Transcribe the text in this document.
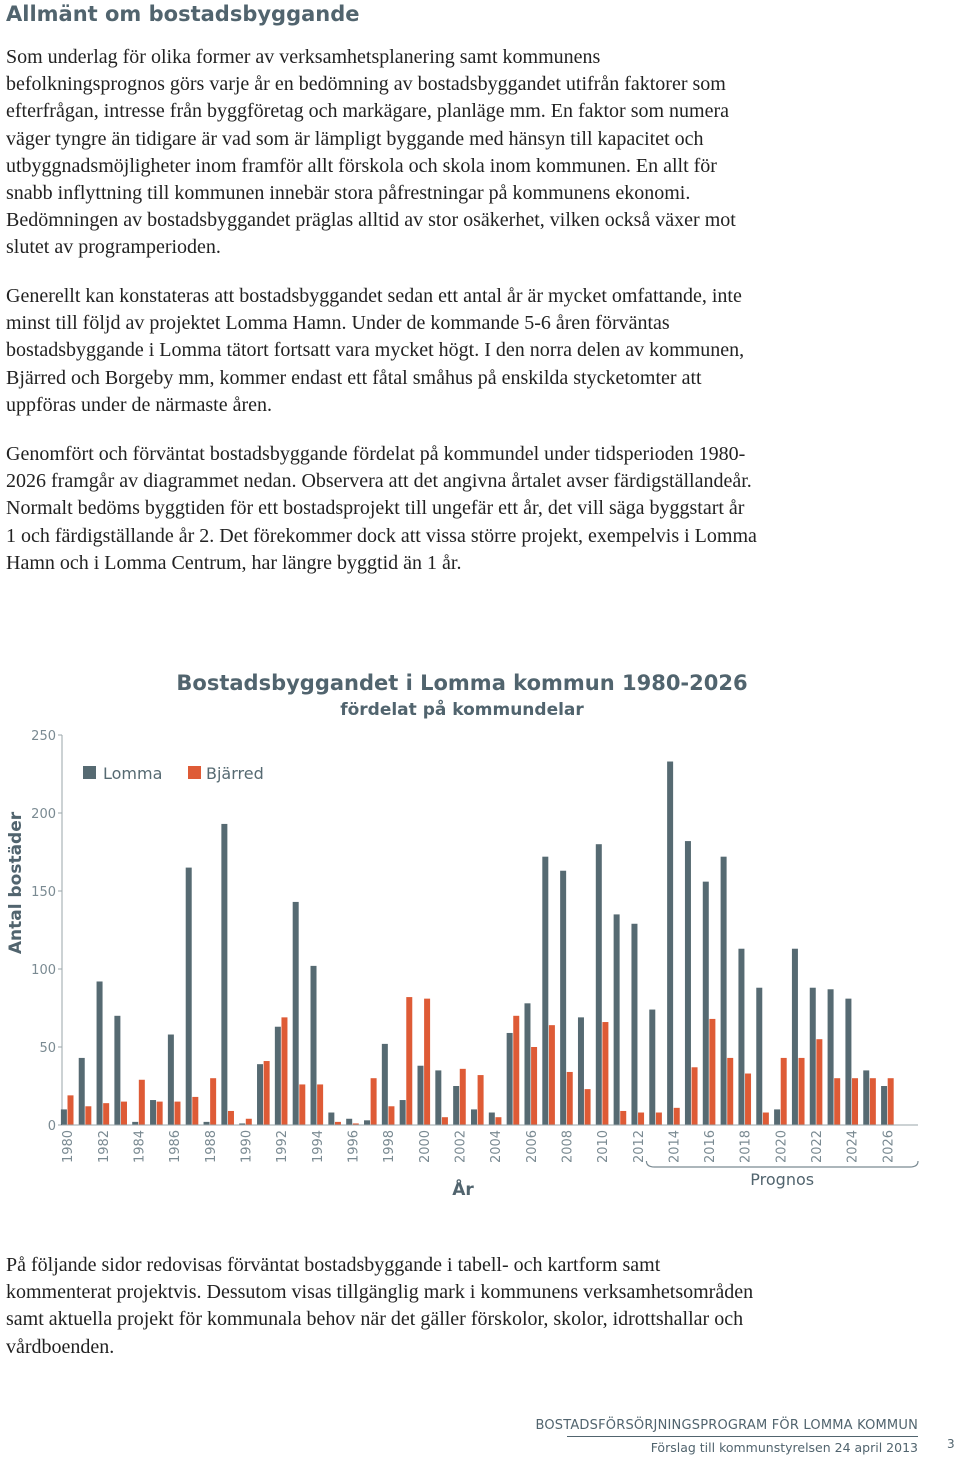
Allmänt om bostadsbyggande

Som underlag för olika former av verksamhetsplanering samt kommunens befolkningsprognos görs varje år en bedömning av bostadsbyggandet utifrån faktorer som efterfrågan, intresse från byggföretag och markägare, planläge mm. En faktor som numera väger tyngre än tidigare är vad som är lämpligt byggande med hänsyn till kapacitet och utbyggnadsmöjligheter inom framför allt förskola och skola inom kommunen. En allt för snabb inflyttning till kommunen innebär stora påfrestningar på kommunens ekonomi. Bedömningen av bostadsbyggandet präglas alltid av stor osäkerhet, vilken också växer mot slutet av programperioden.

Generellt kan konstateras att bostadsbyggandet sedan ett antal år är mycket omfattande, inte minst till följd av projektet Lomma Hamn. Under de kommande 5-6 åren förväntas bostadsbyggande i Lomma tätort fortsatt vara mycket högt. I den norra delen av kommunen, Bjärred och Borgeby mm, kommer endast ett fåtal småhus på enskilda stycketomter att uppföras under de närmaste åren.

Genomfört och förväntat bostadsbyggande fördelat på kommundel under tidsperioden 1980-2026 framgår av diagrammet nedan. Observera att det angivna årtalet avser färdigställandeår. Normalt bedöms byggtiden för ett bostadsprojekt till ungefär ett år, det vill säga byggstart år 1 och färdigställande år 2. Det förekommer dock att vissa större projekt, exempelvis i Lomma Hamn och i Lomma Centrum, har längre byggtid än 1 år.

Bostadsbyggandet i Lomma kommun 1980-2026
fördelat på kommundelar
Antal bostäder
Lomma	Bjärred
0
50
100
150
200
250
1980 1982 1984 1986 1988 1990 1992 1994 1996 1998 2000 2002 2004 2006 2008 2010 2012 2014 2016 2018 2020 2022 2024 2026
År
Prognos

På följande sidor redovisas förväntat bostadsbyggande i tabell- och kartform samt kommenterat projektvis. Dessutom visas tillgänglig mark i kommunens verksamhetsområden samt aktuella projekt för kommunala behov när det gäller förskolor, skolor, idrottshallar och vårdboenden.

BOSTADSFÖRSÖRJNINGSPROGRAM FÖR LOMMA KOMMUN
Förslag till kommunstyrelsen 24 april 2013 3
